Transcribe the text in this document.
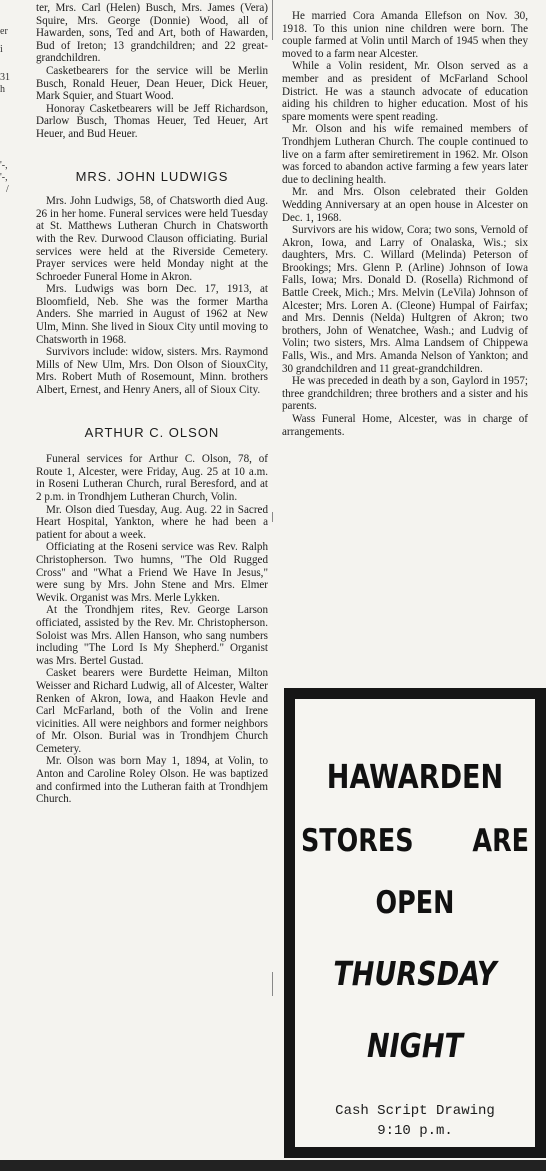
er
i
31
h
'-,
'-,
/

ter, Mrs. Carl (Helen) Busch, Mrs. James (Vera) Squire, Mrs. George (Donnie) Wood, all of Hawarden, sons, Ted and Art, both of Hawarden, Bud of Ireton; 13 grandchildren; and 22 great-grandchildren.

Casketbearers for the service will be Merlin Busch, Ronald Heuer, Dean Heuer, Dick Heuer, Mark Squier, and Stuart Wood.

Honoray Casketbearers will be Jeff Richardson, Darlow Busch, Thomas Heuer, Ted Heuer, Art Heuer, and Bud Heuer.

MRS. JOHN LUDWIGS

Mrs. John Ludwigs, 58, of Chatsworth died Aug. 26 in her home. Funeral services were held Tuesday at St. Matthews Lutheran Church in Chatsworth with the Rev. Durwood Clauson officiating. Burial services were held at the Riverside Cemetery. Prayer services were held Monday night at the Schroeder Funeral Home in Akron.

Mrs. Ludwigs was born Dec. 17, 1913, at Bloomfield, Neb. She was the former Martha Anders. She married in August of 1962 at New Ulm, Minn. She lived in Sioux City until moving to Chatsworth in 1968.

Survivors include: widow, sisters. Mrs. Raymond Mills of New Ulm, Mrs. Don Olson of SiouxCity, Mrs. Robert Muth of Rosemount, Minn. brothers Albert, Ernest, and Henry Aners, all of Sioux City.

ARTHUR C. OLSON

Funeral services for Arthur C. Olson, 78, of Route 1, Alcester, were Friday, Aug. 25 at 10 a.m. in Roseni Lutheran Church, rural Beresford, and at 2 p.m. in Trondhjem Lutheran Church, Volin.

Mr. Olson died Tuesday, Aug. Aug. 22 in Sacred Heart Hospital, Yankton, where he had been a patient for about a week.

Officiating at the Roseni service was Rev. Ralph Christopherson. Two humns, "The Old Rugged Cross" and "What a Friend We Have In Jesus," were sung by Mrs. John Stene and Mrs. Elmer Wevik. Organist was Mrs. Merle Lykken.

At the Trondhjem rites, Rev. George Larson officiated, assisted by the Rev. Mr. Christopherson. Soloist was Mrs. Allen Hanson, who sang numbers including "The Lord Is My Shepherd." Organist was Mrs. Bertel Gustad.

Casket bearers were Burdette Heiman, Milton Weisser and Richard Ludwig, all of Alcester, Walter Renken of Akron, Iowa, and Haakon Hevle and Carl McFarland, both of the Volin and Irene vicinities. All were neighbors and former neighbors of Mr. Olson. Burial was in Trondhjem Church Cemetery.

Mr. Olson was born May 1, 1894, at Volin, to Anton and Caroline Roley Olson. He was baptized and confirmed into the Lutheran faith at Trondhjem Church.

He married Cora Amanda Ellefson on Nov. 30, 1918. To this union nine children were born. The couple farmed at Volin until March of 1945 when they moved to a farm near Alcester.

While a Volin resident, Mr. Olson served as a member and as president of McFarland School District. He was a staunch advocate of education aiding his children to higher education. Most of his spare moments were spent reading.

Mr. Olson and his wife remained members of Trondhjem Lutheran Church. The couple continued to live on a farm after semiretirement in 1962. Mr. Olson was forced to abandon active farming a few years later due to declining health.

Mr. and Mrs. Olson celebrated their Golden Wedding Anniversary at an open house in Alcester on Dec. 1, 1968.

Survivors are his widow, Cora; two sons, Vernold of Akron, Iowa, and Larry of Onalaska, Wis.; six daughters, Mrs. C. Willard (Melinda) Peterson of Brookings; Mrs. Glenn P. (Arline) Johnson of Iowa Falls, Iowa; Mrs. Donald D. (Rosella) Richmond of Battle Creek, Mich.; Mrs. Melvin (LeVila) Johnson of Alcester; Mrs. Loren A. (Cleone) Humpal of Fairfax; and Mrs. Dennis (Nelda) Hultgren of Akron; two brothers, John of Wenatchee, Wash.; and Ludvig of Volin; two sisters, Mrs. Alma Landsem of Chippewa Falls, Wis., and Mrs. Amanda Nelson of Yankton; and 30 grandchildren and 11 great-grandchildren.

He was preceded in death by a son, Gaylord in 1957; three grandchildren; three brothers and a sister and his parents.

Wass Funeral Home, Alcester, was in charge of arrangements.

HAWARDEN
STORES ARE
OPEN
THURSDAY
NIGHT
Cash Script Drawing
9:10 p.m.
